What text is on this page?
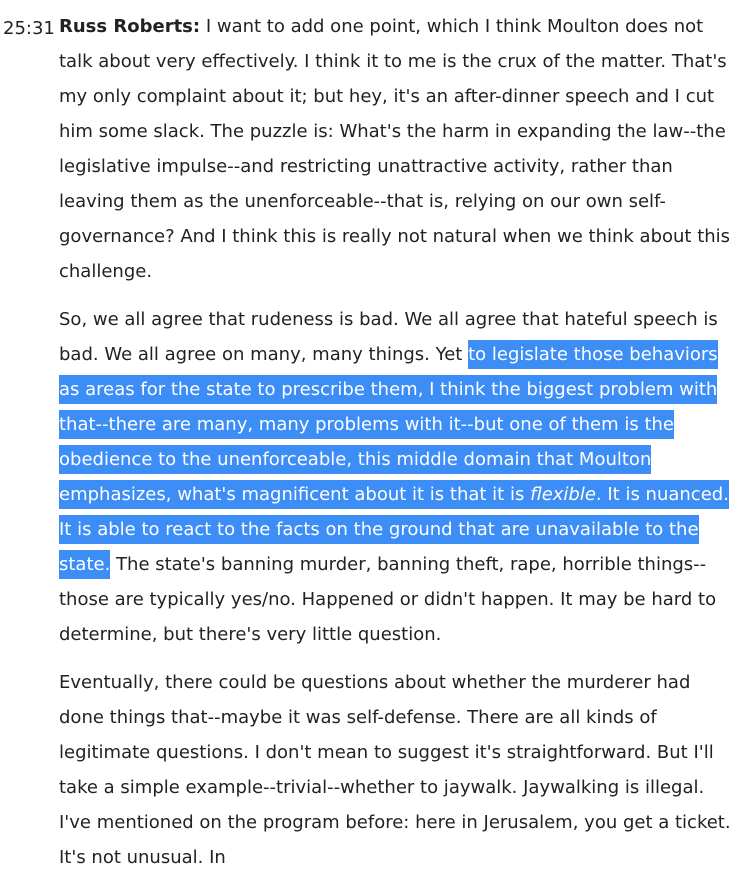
25:31 Russ Roberts: I want to add one point, which I think Moulton does not talk about very effectively. I think it to me is the crux of the matter. That's my only complaint about it; but hey, it's an after-dinner speech and I cut him some slack. The puzzle is: What's the harm in expanding the law--the legislative impulse--and restricting unattractive activity, rather than leaving them as the unenforceable--that is, relying on our own self-governance? And I think this is really not natural when we think about this challenge.

So, we all agree that rudeness is bad. We all agree that hateful speech is bad. We all agree on many, many things. Yet to legislate those behaviors as areas for the state to prescribe them, I think the biggest problem with that--there are many, many problems with it--but one of them is the obedience to the unenforceable, this middle domain that Moulton emphasizes, what's magnificent about it is that it is flexible. It is nuanced. It is able to react to the facts on the ground that are unavailable to the state. The state's banning murder, banning theft, rape, horrible things--those are typically yes/no. Happened or didn't happen. It may be hard to determine, but there's very little question.

Eventually, there could be questions about whether the murderer had done things that--maybe it was self-defense. There are all kinds of legitimate questions. I don't mean to suggest it's straightforward. But I'll take a simple example--trivial--whether to jaywalk. Jaywalking is illegal. I've mentioned on the program before: here in Jerusalem, you get a ticket. It's not unusual. In
